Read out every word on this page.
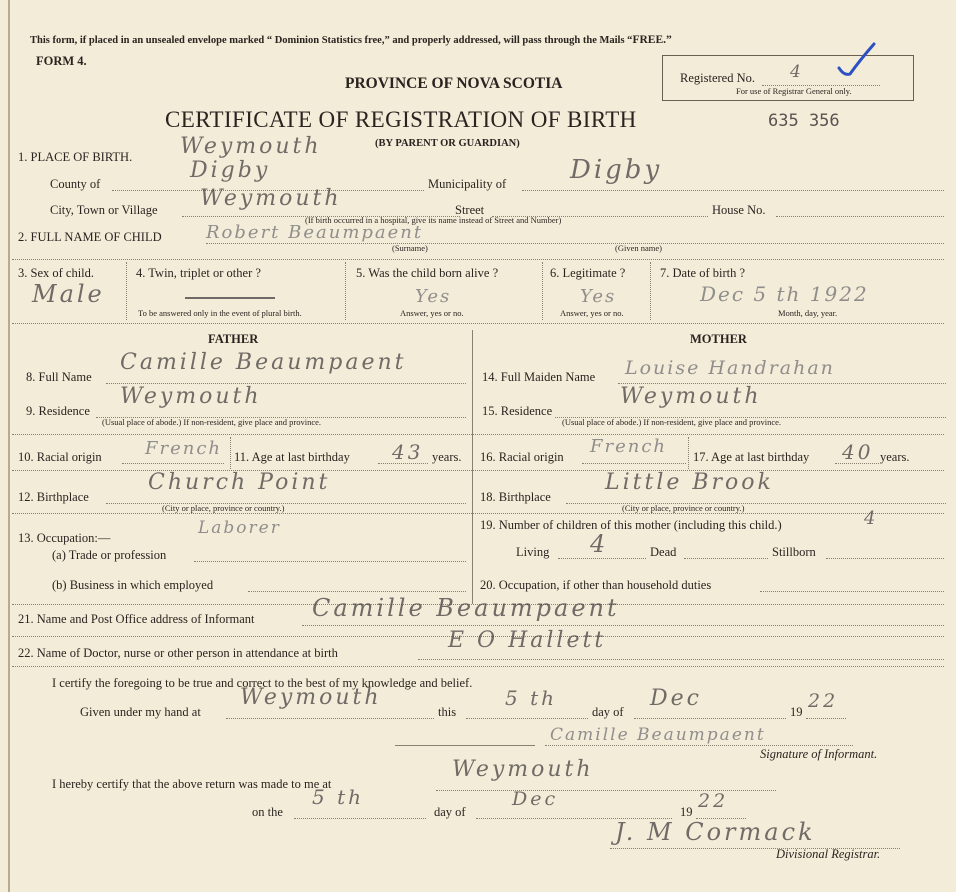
This form, if placed in an unsealed envelope marked “ Dominion Statistics free,” and properly addressed, will pass through the Mails “FREE.”
FORM 4.
PROVINCE OF NOVA SCOTIA
CERTIFICATE OF REGISTRATION OF BIRTH
(BY PARENT OR GUARDIAN)
635 356
Registered No. 4
For use of Registrar General only.
1. PLACE OF BIRTH. Weymouth
County of
Digby
Municipality of Digby
City, Town or Village Weymouth	Street	House No.
(If birth occurred in a hospital, give its name instead of Street and Number)
2. FULL NAME OF CHILD Robert Beaumpaent
(Surname)	(Given name)
3. Sex of child.
Male
4. Twin, triplet or other ?
To be answered only in the event of plural birth.
5. Was the child born alive ?
Yes
Answer, yes or no.
6. Legitimate ?
Yes
Answer, yes or no.
7. Date of birth ?
Dec 5 th 1922
Month, day, year.
FATHER	MOTHER
8. Full Name
Camille Beaumpaent
14. Full Maiden Name Louise Handrahan
9. Residence
Weymouth
(Usual place of abode.) If non-resident, give place and province.
15. Residence
Weymouth
(Usual place of abode.) If non-resident, give place and province.
10. Racial origin French 11. Age at last birthday 43 years. 16. Racial origin French 17. Age at last birthday 40 years.
12. Birthplace
Church Point
(City or place, province or country.)
18. Birthplace
Little Brook
(City or place, province or country.)
13. Occupation:—	Laborer
(a) Trade or profession
(b) Business in which employed
19. Number of children of this mother (including this child.)	4
Living 4	Dead	Stillborn
20. Occupation, if other than household duties
21. Name and Post Office address of Informant Camille Beaumpaent
22. Name of Doctor, nurse or other person in attendance at birth	E O Hallett
I certify the foregoing to be true and correct to the best of my knowledge and belief.
Given under my hand at
Weymouth
this
5 th
day of
Dec
19 22
Camille Beaumpaent
Signature of Informant.
I hereby certify that the above return was made to me at
Weymouth
on the
5 th
day of
Dec
19 22
J. M Cormack
Divisional Registrar.
